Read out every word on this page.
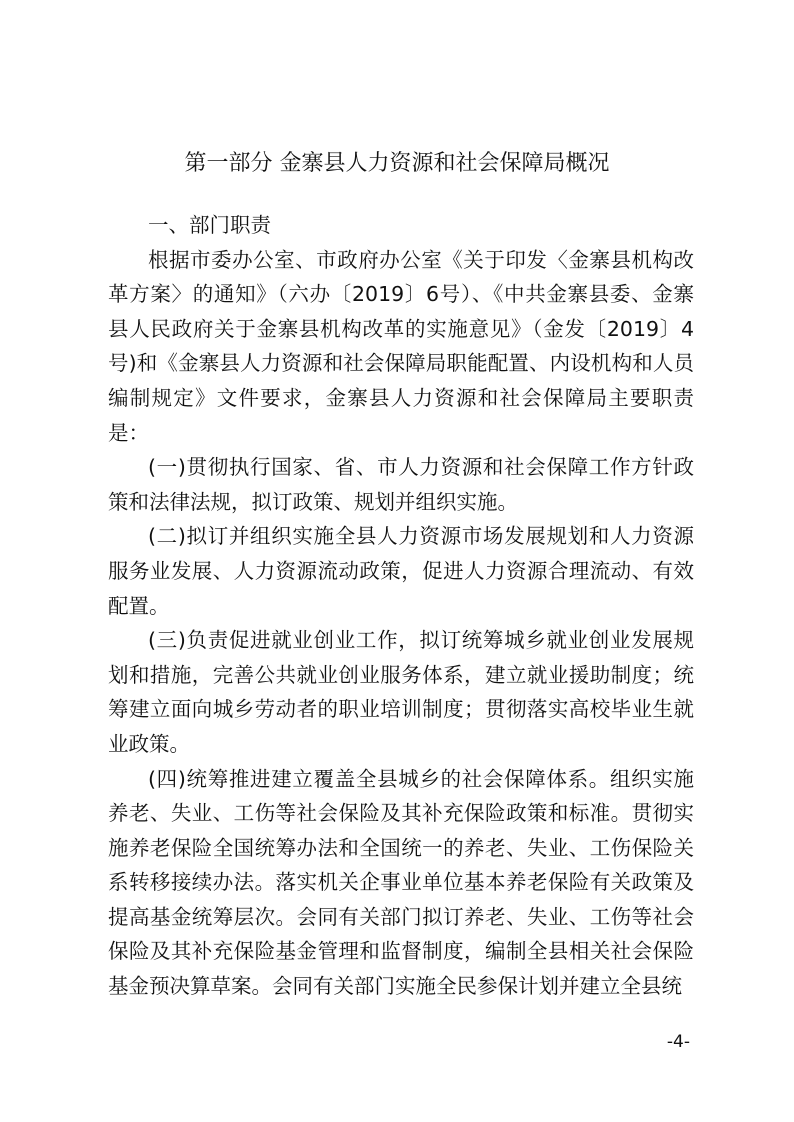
第一部分 金寨县人力资源和社会保障局概况
一、部门职责

根据市委办公室、市政府办公室《关于印发〈金寨县机构改革方案〉的通知》（六办〔2019〕6号）、《中共金寨县委、金寨县人民政府关于金寨县机构改革的实施意见》（金发〔2019〕4号)和《金寨县人力资源和社会保障局职能配置、内设机构和人员编制规定》文件要求，金寨县人力资源和社会保障局主要职责是：

(一)贯彻执行国家、省、市人力资源和社会保障工作方针政策和法律法规，拟订政策、规划并组织实施。

(二)拟订并组织实施全县人力资源市场发展规划和人力资源服务业发展、人力资源流动政策，促进人力资源合理流动、有效配置。

(三)负责促进就业创业工作，拟订统筹城乡就业创业发展规划和措施，完善公共就业创业服务体系，建立就业援助制度；统筹建立面向城乡劳动者的职业培训制度；贯彻落实高校毕业生就业政策。

(四)统筹推进建立覆盖全县城乡的社会保障体系。组织实施养老、失业、工伤等社会保险及其补充保险政策和标准。贯彻实施养老保险全国统筹办法和全国统一的养老、失业、工伤保险关系转移接续办法。落实机关企事业单位基本养老保险有关政策及提高基金统筹层次。会同有关部门拟订养老、失业、工伤等社会保险及其补充保险基金管理和监督制度，编制全县相关社会保险基金预决算草案。会同有关部门实施全民参保计划并建立全县统

-4-
